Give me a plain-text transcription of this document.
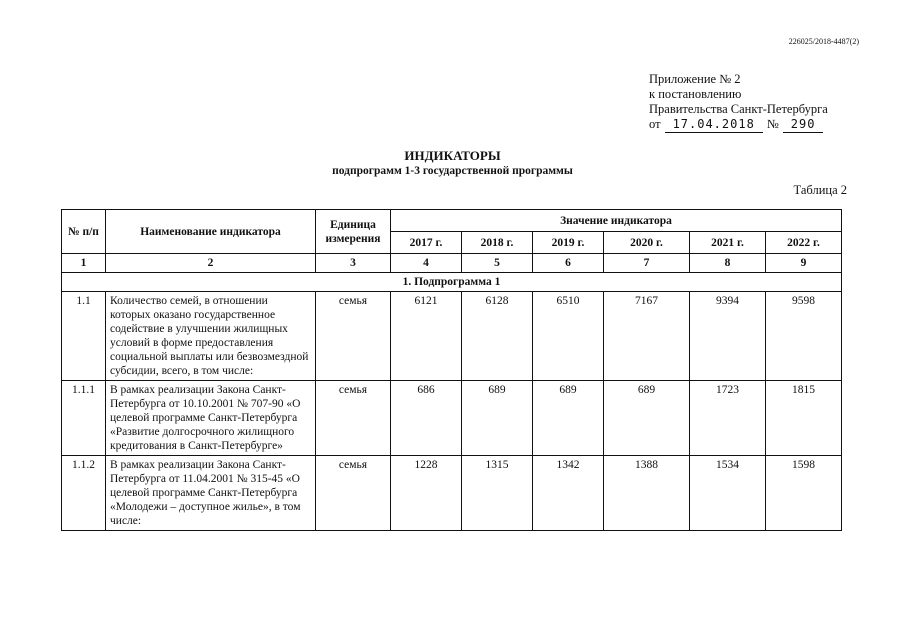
226025/2018-4487(2)
Приложение № 2
к постановлению
Правительства Санкт-Петербурга
от	17.04.2018 №	290
ИНДИКАТОРЫ
подпрограмм 1-3 государственной программы
Таблица 2
№ п/п	Наименование индикатора	Единица измерения	Значение индикатора					
			2017 г.	2018 г.	2019 г.	2020 г.	2021 г.	2022 г.
1	2	3	4	5	6	7	8	9
1. Подпрограмма 1								
1.1	Количество семей, в отношении которых оказано государственное содействие в улучшении жилищных условий в форме предоставления социальной выплаты или безвозмездной субсидии, всего, в том числе:	семья	6121	6128	6510	7167	9394	9598
1.1.1	В рамках реализации Закона Санкт-Петербурга от 10.10.2001 № 707-90 «О целевой программе Санкт-Петербурга «Развитие долгосрочного жилищного кредитования в Санкт-Петербурге»	семья	686	689	689	689	1723	1815
1.1.2	В рамках реализации Закона Санкт-Петербурга от 11.04.2001 № 315-45 «О целевой программе Санкт-Петербурга «Молодежи – доступное жилье», в том числе:	семья	1228	1315	1342	1388	1534	1598
